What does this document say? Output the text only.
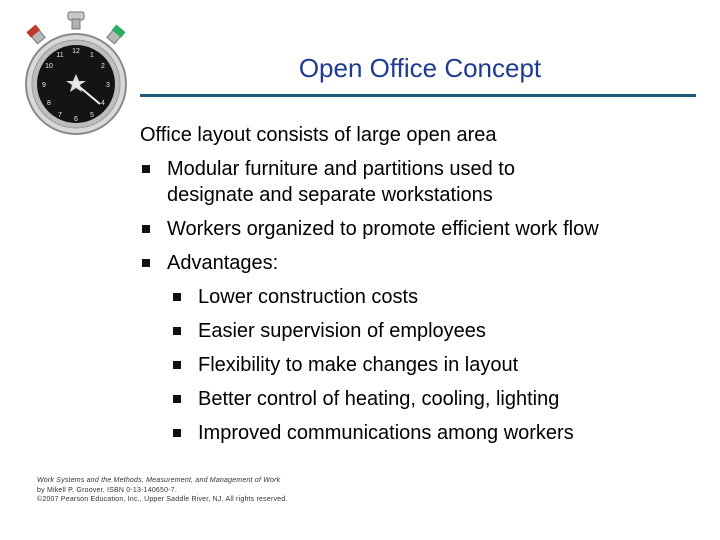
12
1
2
3
4
5
6
7
8
9
10
11	Open Office Concept
Office layout consists of large open area
Modular furniture and partitions used to
designate and separate workstations
Workers organized to promote efficient work flow
Advantages:
Lower construction costs
Easier supervision of employees
Flexibility to make changes in layout
Better control of heating, cooling, lighting
Improved communications among workers
Work Systems and the Methods, Measurement, and Management of Work
by Mikell P. Groover. ISBN 0-13-140650-7.
©2007 Pearson Education, Inc., Upper Saddle River, NJ. All rights reserved.
